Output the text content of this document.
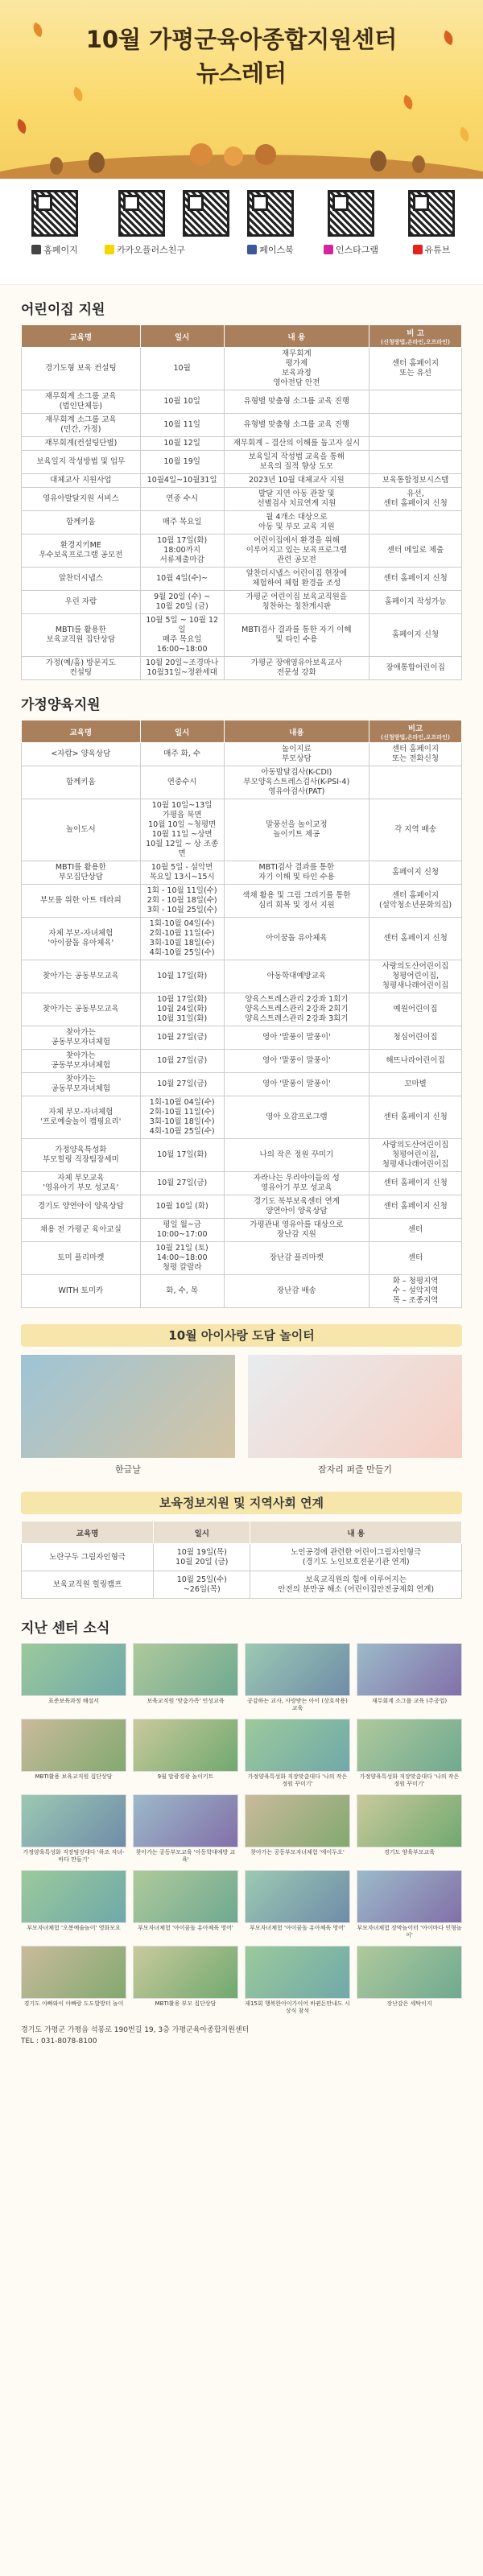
10월 가평군육아종합지원센터
뉴스레터
홈페이지	카카오플러스친구	페이스북	인스타그램	유튜브
어린이집 지원
교육명	일시	내 용	비 고
(신청방법,온라인,오프라인)

경기도형 보육 컨설팅	10월	재무회계
평가제
보육과정
영아전담 안전	센터 홈페이지
또는 유선
재무회계 소그룹 교육
(법인단체등)	10월 10일	유형별 맞춤형 소그룹 교육 진행	
재무회계 소그룹 교육
(민간, 가정)	10월 11일	유형별 맞춤형 소그룹 교육 진행	
재무회계(컨설팅단별)	10월 12일	재무회계 – 결산의 이해를 돕고자 실시	
보육일지 작성방법 및 업무	10월 19일	보육일지 작성법 교육을 통해
보육의 질적 향상 도모	
대체교사 지원사업	10월4일~10월31일	2023년 10월 대체교사 지원	보육통합정보시스템
영유아발달지원 서비스	연중 수시	발달 지연 아동 관찰 및
선별검사 치료연계 지원	유선,
센터 홈페이지 신청
함께키움	매주 목요일	월 4개소 대상으로
아동 및 부모 교육 지원	
환경지키ME
우수보육프로그램 공모전	10월 17일(화)
18:00까지
서류제출마감	어린이집에서 환경을 위해
이루어지고 있는 보육프로그램
관련 공모전	센터 메일로 제출
알찬더시냅스	10월 4일(수)~	알찬더시냅스 어린이집 현장에
체험하여 체험 환경을 조성	센터 홈페이지 신청
우린 자람	9월 20일 (수) ~
10월 20일 (금)	가평군 어린이집 보육교직원을
칭찬하는 칭찬게시판	홈페이지 작성가능
MBTI를 활용한
보육교직원 집단상담	10월 5일 ~ 10월 12일
매주 목요일
16:00~18:00	MBTI검사 결과를 통한 자기 이해
및 타인 수용	홈페이지 신청
가정(예/홈) 방문지도
컨설팅	10월 20일~조경마나
10월31일~정완세대	가평군 장애영유아보육교사
전문성 강화	장애통합어린이집
가정양육지원
교육명	일시	내용	비고
(신청방법,온라인,오프라인)

<자람> 양육상담	매주 화, 수	놀이지료
부모상담	센터 홈페이지
또는 전화신청
함께키움	연중수시	아동발달검사(K-CDI)
부모양육스트레스검사(K-PSI-4)
영유아검사(PAT)	
놀이도서	10월 10일~13일
가평읍 북면
10월 10일 ~청평면
10월 11일 ~상면
10월 12일 ~ 상 조종면	말풍선을 놀이교정
놀이키트 제공	각 지역 배송
MBTI를 활용한
부모집단상담	10월 5일 - 설악면
목요일 13시~15시	MBTI검사 결과를 통한
자기 이해 및 타인 수용	홈페이지 신청
부모를 위한 아트 테라피	1회 - 10월 11일(수)
2회 - 10월 18일(수)
3회 - 10월 25일(수)	색채 활용 및 그림 그리기를 통한
심리 회복 및 정서 지원	센터 홈페이지
(설악청소년문화의집)
자체 부모-자녀체험
'아이꿈돌 유아체육'	1회-10월 04일(수)
2회-10월 11일(수)
3회-10월 18일(수)
4회-10월 25일(수)	아이꿈돌 유아체육	센터 홈페이지 신청
찾아가는 공동부모교육	10월 17일(화)	아동학대예방교육	사랑의도산어린이집
청평어린이집,
청평새나래어린이집
찾아가는 공동부모교육	10월 17일(화)
10월 24일(화)
10월 31일(화)	양육스트레스관리 2강좌 1회기
양육스트레스관리 2강좌 2회기
양육스트레스관리 2강좌 3회기	예원어린이집
찾아가는
공동부모자녀체험	10월 27일(금)	영아 '말풍이 말풍이'	청심어린이집
찾아가는
공동부모자녀체험	10월 27일(금)	영아 '말풍이 말풍이'	해뜨나라어린이집
찾아가는
공동부모자녀체험	10월 27일(금)	영아 '말풍이 말풍이'	꼬마별
자체 부모-자녀체험
'프로예술놀이 캠핑요리'	1회-10월 04일(수)
2회-10월 11일(수)
3회-10월 18일(수)
4회-10월 25일(수)	영아 오감프로그램	센터 홈페이지 신청
가정양육특성화
부모힐링 직장팀장세미	10월 17일(화)	나의 작은 정원 꾸미기	사랑의도산어린이집
청평어린이집,
청평새나래어린이집
자체 부모교육
'영유아기 부모 성교육'	10월 27일(금)	자라나는 우리아이들의 성
영유아기 부모 성교육	센터 홈페이지 신청
경기도 양연아이 양육상담	10월 10일 (화)	경기도 북부보육센터 연계
양연아이 양육상담	센터 홈페이지 신청
채용 전 가평군 육아교실	평일 월~금
10:00~17:00	가평관내 영유아를 대상으로
장난감 지원	센터
토미 플리마켓	10월 21일 (토)
14:00~18:00
청평 칼랄라	장난감 플리마켓	센터
WITH 토미카	화, 수, 목	장난감 배송	화 – 청평지역
수 – 설악지역
목 – 조종지역
10월 아이사랑 도담 놀이터
한글날	잠자리 퍼즐 만들기
보육정보지원 및 지역사회 연계
교육명	일시	내 용
노란구두 그림자인형극	10월 19일(목)
10월 20일 (금)	노인공경에 관련한 어린이그림자인형극
(경기도 노인보호전문기관 연계)
보육교직원 힐링캠프	10월 25일(수)
~26일(목)	보육교직원의 힘에 이루어지는
안전의 분만공 해소 (어린이집안전공제회 연계)
지난 센터 소식
표준보육과정 해설서	보육교직원 '맞춤가족' 인성교육	공감하는 교사, 사랑받는 아이 (상호작용) 교육
재무회계 소그룹 교육 (주공업)
MBTI활용 보육교직원 집단상담	9월 말광경광 놀이키트	가정양육특성화 직장맞춤대다 '나의 작은 정원 꾸미기'
가정양육특성화 직장맞춤대다 '나의 작은 정원 꾸미기'
가정양육특성화 직장팀장대다 '하조 자녀-바다 만들기'
찾아가는 공동부모교육 '아동학대예방 교육'
찾아가는 공동부모자녀체험 '에이두오'	경기도 양육부모교육
부모자녀체험 '오봉예술놀이' 영화모요	부모자녀체험 '아이꿈돌 유아체육 영어'	부모자녀체험 '아이꿈돌 유아체육 영어'	부모자녀체험 장막놀이터 '아이마다 인형놀이'
경기도 아빠와이 아빠랑 도도발방터 놀이	MBTI활용 부모 집단상담	제15회 행복한아이가이어 바뀐돈만내도 시상식 참석
장난감은 세탁이지
경기도 가평군 가평읍 석봉로 190번길 19, 3층 가평군육아종합지원센터
TEL : 031-8078-8100
